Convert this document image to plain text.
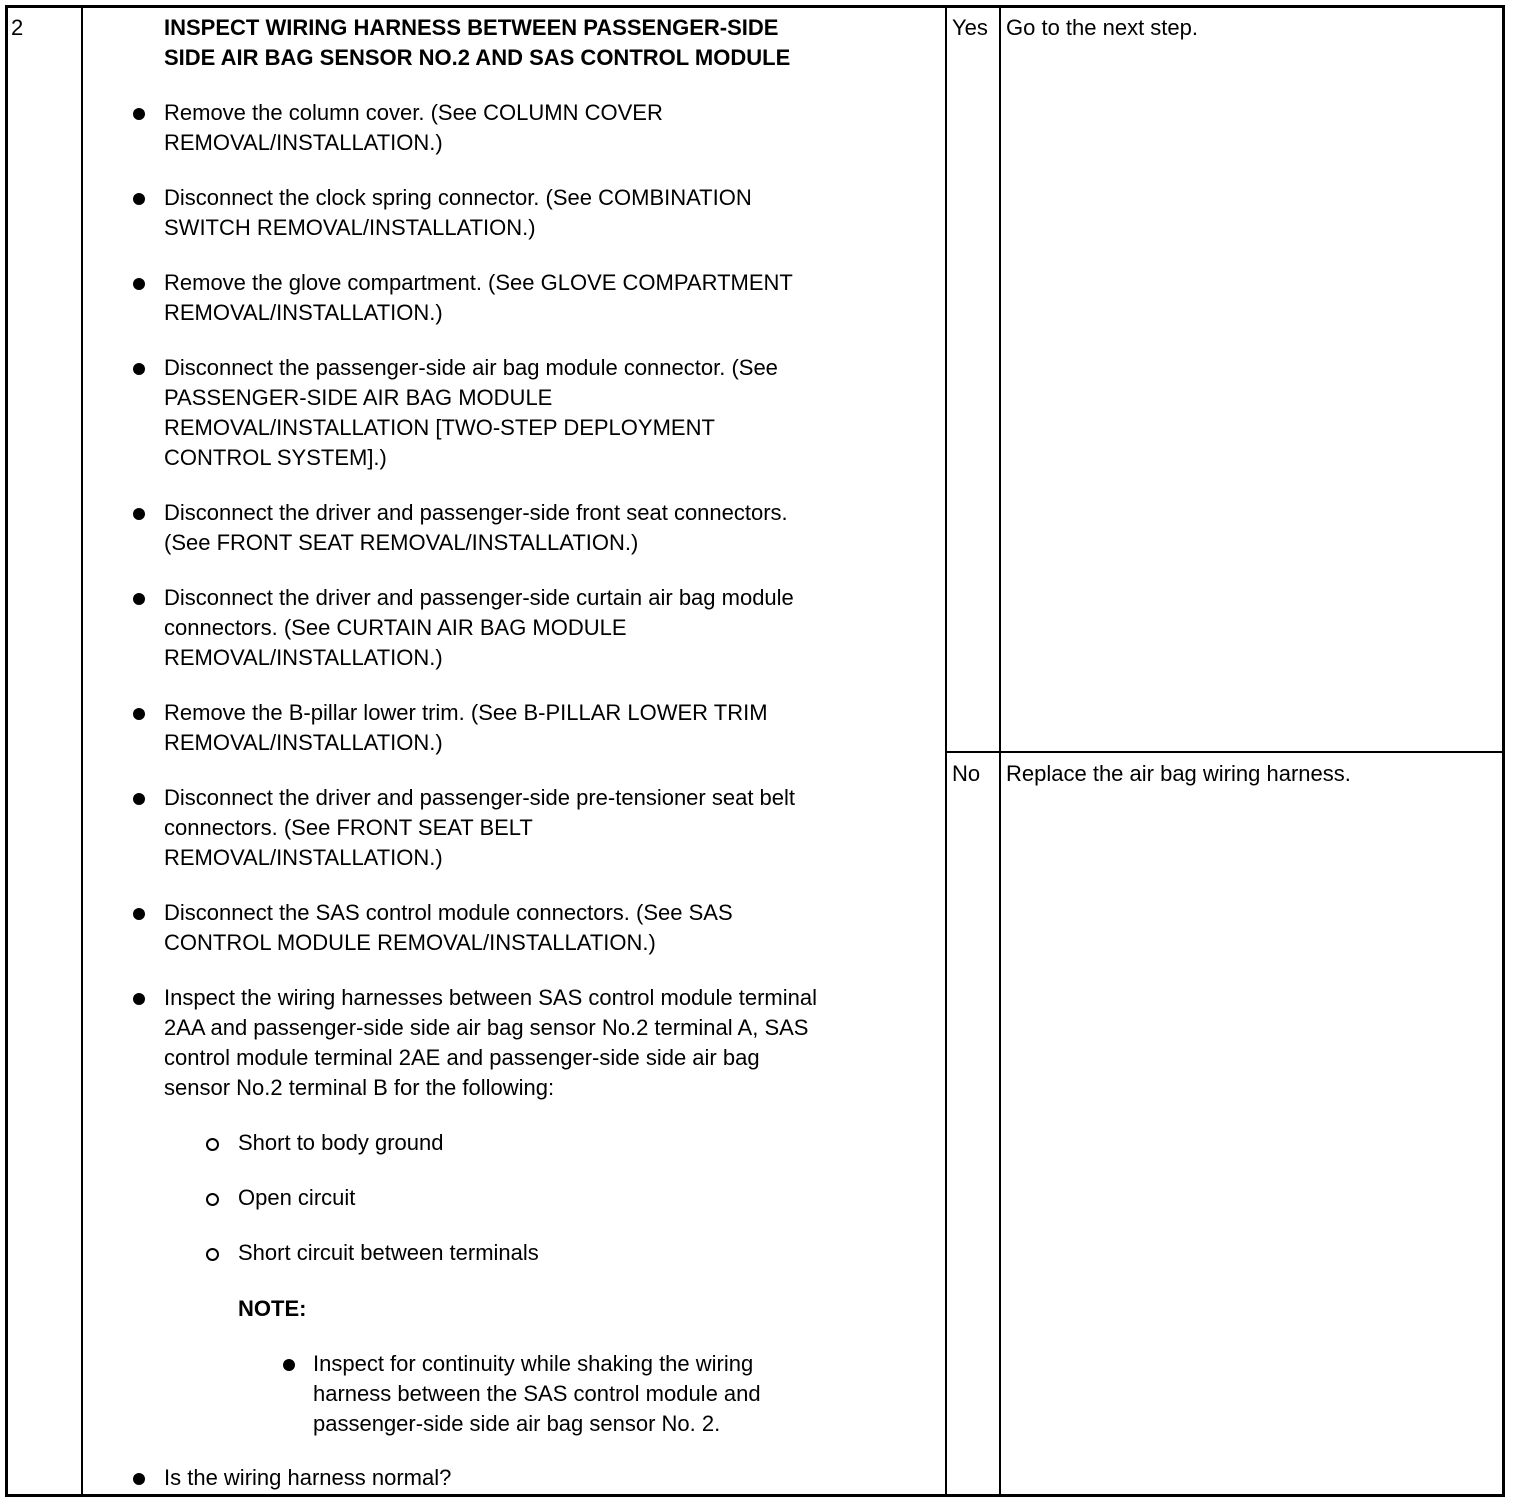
2	INSPECT WIRING HARNESS BETWEEN PASSENGER-SIDE
SIDE AIR BAG SENSOR NO.2 AND SAS CONTROL MODULE
Remove the column cover. (See COLUMN COVER
REMOVAL/INSTALLATION.)
Disconnect the clock spring connector. (See COMBINATION
SWITCH REMOVAL/INSTALLATION.)
Remove the glove compartment. (See GLOVE COMPARTMENT
REMOVAL/INSTALLATION.)
Disconnect the passenger-side air bag module connector. (See
PASSENGER-SIDE AIR BAG MODULE
REMOVAL/INSTALLATION [TWO-STEP DEPLOYMENT
CONTROL SYSTEM].)
Disconnect the driver and passenger-side front seat connectors.
(See FRONT SEAT REMOVAL/INSTALLATION.)
Disconnect the driver and passenger-side curtain air bag module
connectors. (See CURTAIN AIR BAG MODULE
REMOVAL/INSTALLATION.)
Remove the B-pillar lower trim. (See B-PILLAR LOWER TRIM
REMOVAL/INSTALLATION.)
Disconnect the driver and passenger-side pre-tensioner seat belt
connectors. (See FRONT SEAT BELT
REMOVAL/INSTALLATION.)
Disconnect the SAS control module connectors. (See SAS
CONTROL MODULE REMOVAL/INSTALLATION.)
Inspect the wiring harnesses between SAS control module terminal
2AA and passenger-side side air bag sensor No.2 terminal A, SAS
control module terminal 2AE and passenger-side side air bag
sensor No.2 terminal B for the following:
Short to body ground
Open circuit
Short circuit between terminals
NOTE:
Inspect for continuity while shaking the wiring
harness between the SAS control module and
passenger-side side air bag sensor No. 2.
Is the wiring harness normal?
Yes Go to the next step.
No Replace the air bag wiring harness.
